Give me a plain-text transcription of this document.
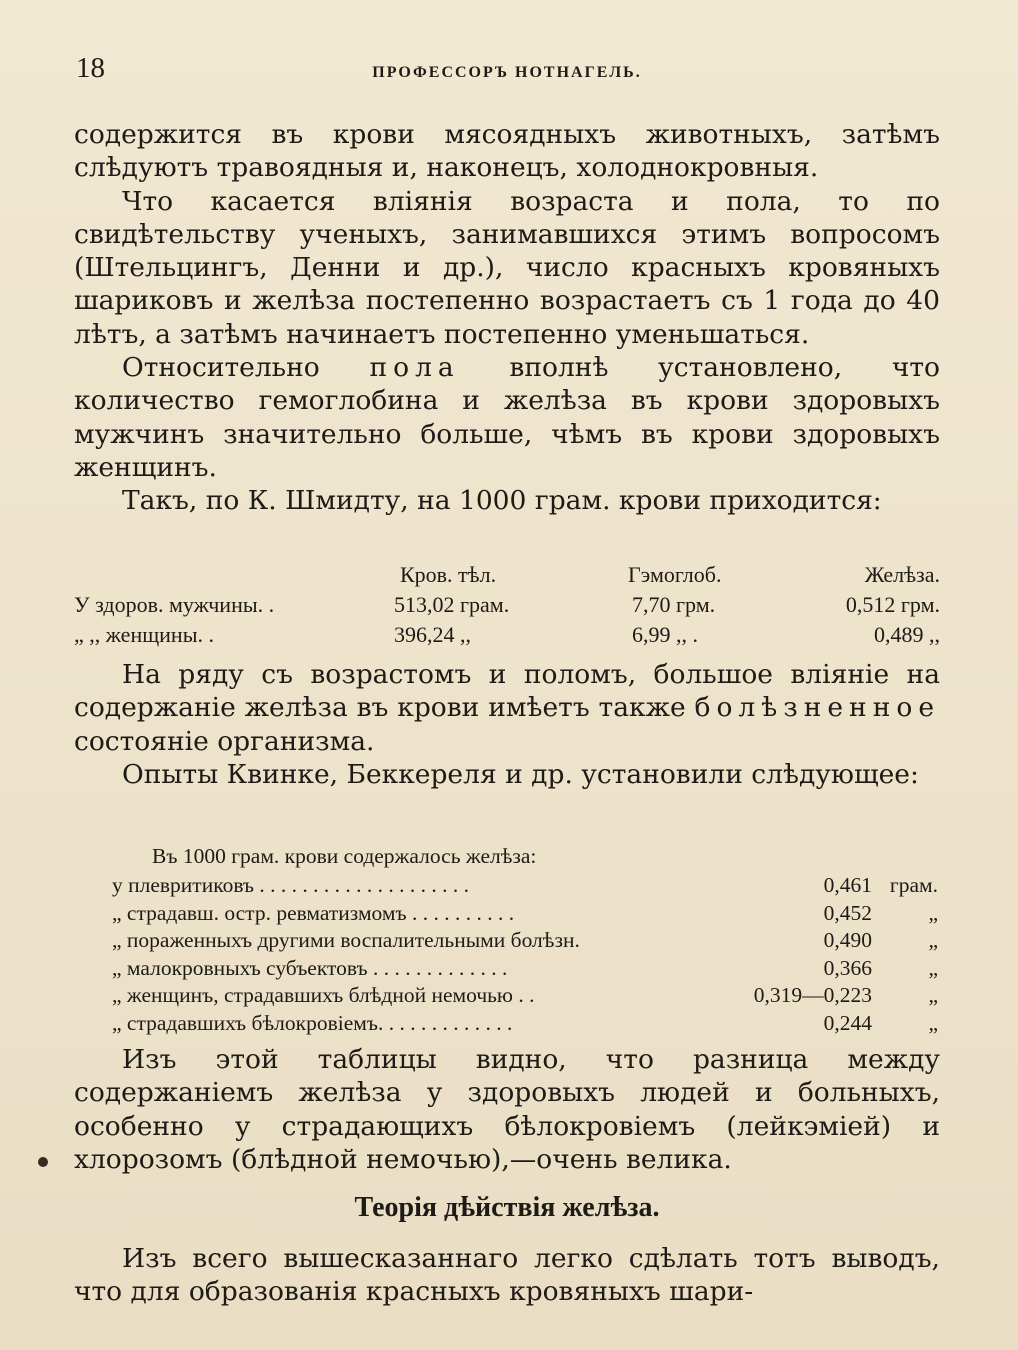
18	ПРОФЕССОРЪ НОТНАГЕЛЬ.

содержится въ крови мясоядныхъ животныхъ, затѣмъ слѣдуютъ травоядныя и, наконецъ, холоднокровныя.

Что касается вліянія возраста и пола, то по свидѣтельству ученыхъ, занимавшихся этимъ вопросомъ (Штельцингъ, Денни и др.), число красныхъ кровяныхъ шариковъ и желѣза постепенно возрастаетъ съ 1 года до 40 лѣтъ, а затѣмъ начинаетъ постепенно уменьшаться.

Относительно пола вполнѣ установлено, что количество гемоглобина и желѣза въ крови здоровыхъ мужчинъ значительно больше, чѣмъ въ крови здоровыхъ женщинъ.

Такъ, по К. Шмидту, на 1000 грам. крови приходится:

	Кров. тѣл.	Гэмоглоб.	Желѣза.
У здоров. мужчины. .	513,02 грам.	7,70 грм.	0,512 грм.
„ ,, женщины. .	396,24 ,,	6,99 ,, .	0,489 ,,

На ряду съ возрастомъ и поломъ, большое вліяніе на содержаніе желѣза въ крови имѣетъ также болѣзненное состояніе организма.

Опыты Квинке, Беккереля и др. установили слѣдующее:

Въ 1000 грам. крови содержалось желѣза:
у плевритиковъ . . . . . . . . . . . . . . . . . . . .	0,461 грам.
„ страдавш. остр. ревматизмомъ . . . . . . . . . .	0,452	„
„ пораженныхъ другими воспалительными болѣзн.	0,490	„
„ малокровныхъ субъектовъ . . . . . . . . . . . . .	0,366	„
„ женщинъ, страдавшихъ блѣдной немочью . .	0,319—0,223	„
„ страдавшихъ бѣлокровіемъ. . . . . . . . . . . . .	0,244	„

Изъ этой таблицы видно, что разница между содержаніемъ желѣза у здоровыхъ людей и больныхъ, особенно у страдающихъ бѣлокровіемъ (лейкэміей) и хлорозомъ (блѣдной немочью),—очень велика.

Теорія дѣйствія желѣза.

Изъ всего вышесказаннаго легко сдѣлать тотъ выводъ, что для образованія красныхъ кровяныхъ шари-
